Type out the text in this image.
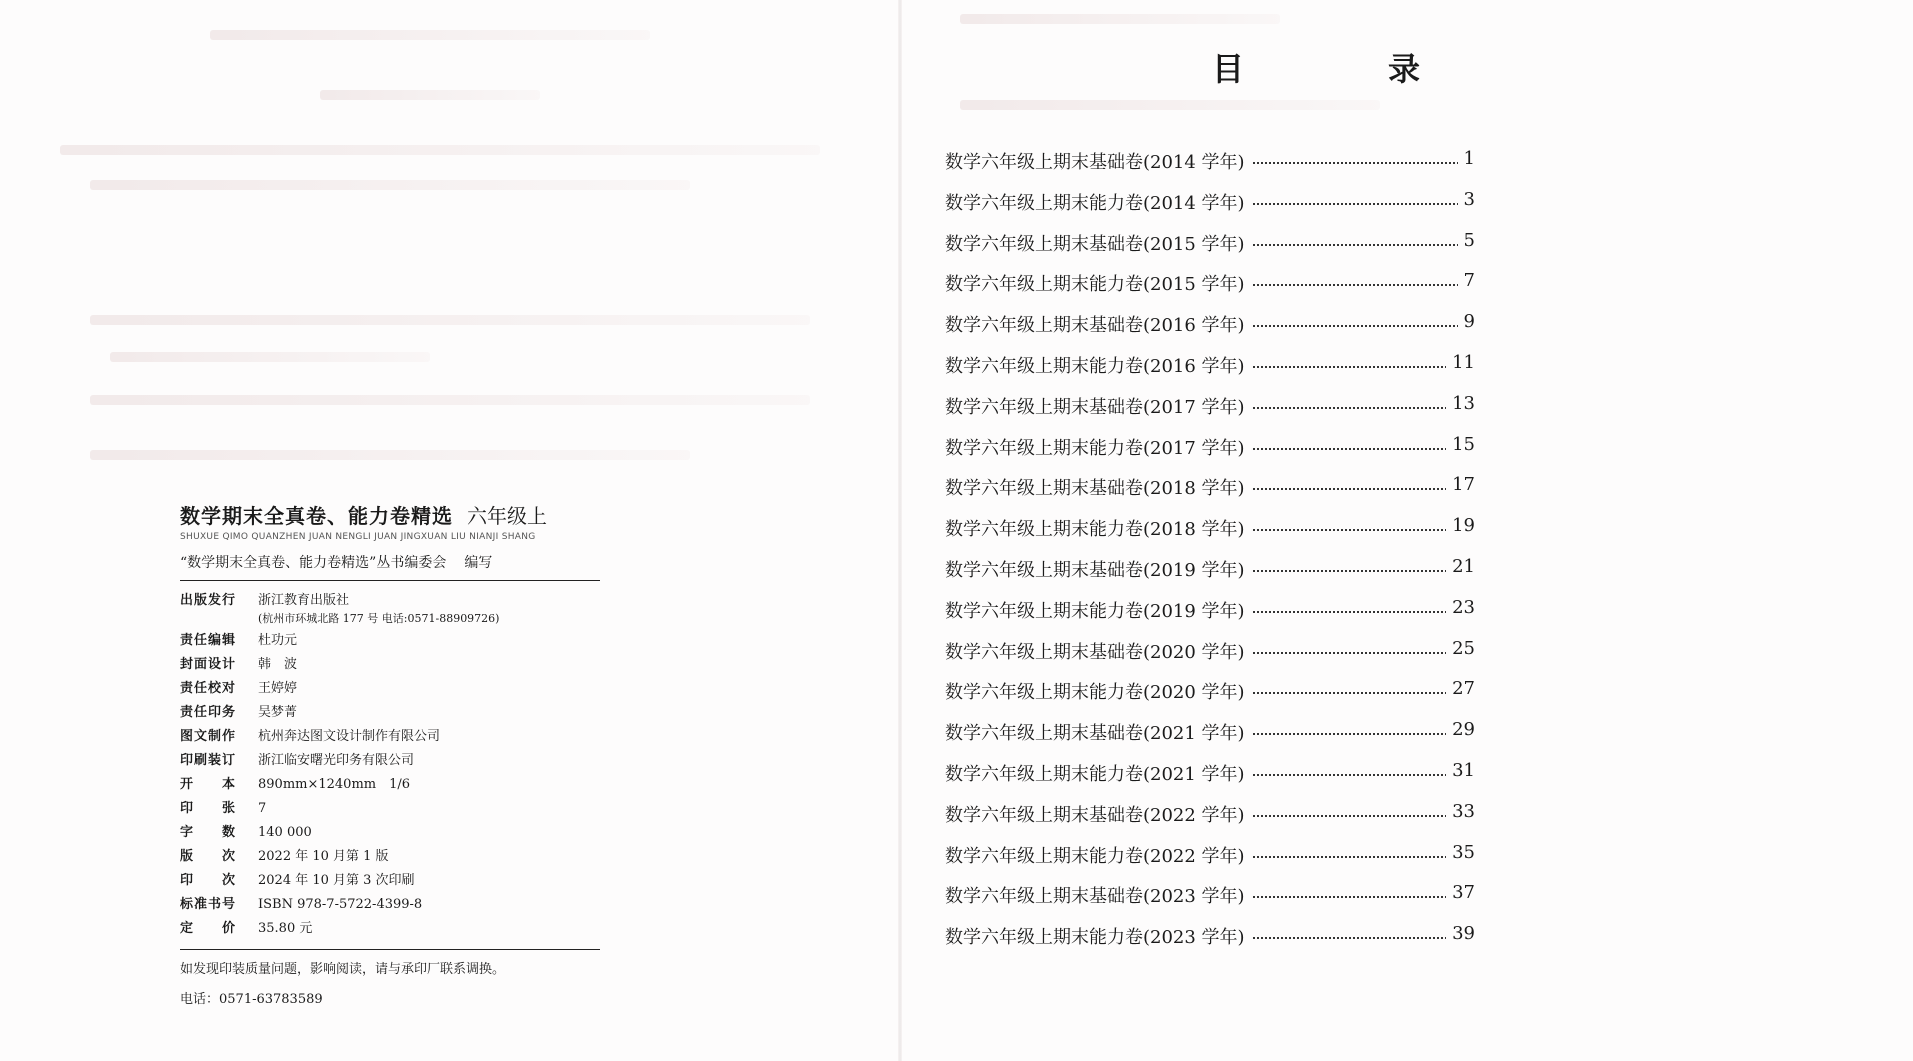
数学期末全真卷、能力卷精选 六年级上
SHUXUE QIMO QUANZHEN JUAN NENGLI JUAN JINGXUAN LIU NIANJI SHANG
“数学期末全真卷、能力卷精选”丛书编委会 编写
出版发行	浙江教育出版社
(杭州市环城北路 177 号 电话:0571-88909726)
责任编辑	杜功元
封面设计	韩　波
责任校对	王婷婷
责任印务	吴梦菁
图文制作	杭州奔达图文设计制作有限公司
印刷装订	浙江临安曙光印务有限公司
开　　本	890mm×1240mm　1/6
印　　张	7
字　　数	140 000
版　　次	2022 年 10 月第 1 版
印　　次	2024 年 10 月第 3 次印刷
标准书号	ISBN 978-7-5722-4399-8
定　　价	35.80 元
如发现印装质量问题，影响阅读，请与承印厂联系调换。
电话：0571-63783589
目　录
数学六年级上期末基础卷(2014 学年)	1
数学六年级上期末能力卷(2014 学年)	3
数学六年级上期末基础卷(2015 学年)	5
数学六年级上期末能力卷(2015 学年)	7
数学六年级上期末基础卷(2016 学年)	9
数学六年级上期末能力卷(2016 学年)	11
数学六年级上期末基础卷(2017 学年)	13
数学六年级上期末能力卷(2017 学年)	15
数学六年级上期末基础卷(2018 学年)	17
数学六年级上期末能力卷(2018 学年)	19
数学六年级上期末基础卷(2019 学年)	21
数学六年级上期末能力卷(2019 学年)	23
数学六年级上期末基础卷(2020 学年)	25
数学六年级上期末能力卷(2020 学年)	27
数学六年级上期末基础卷(2021 学年)	29
数学六年级上期末能力卷(2021 学年)	31
数学六年级上期末基础卷(2022 学年)	33
数学六年级上期末能力卷(2022 学年)	35
数学六年级上期末基础卷(2023 学年)	37
数学六年级上期末能力卷(2023 学年)	39
